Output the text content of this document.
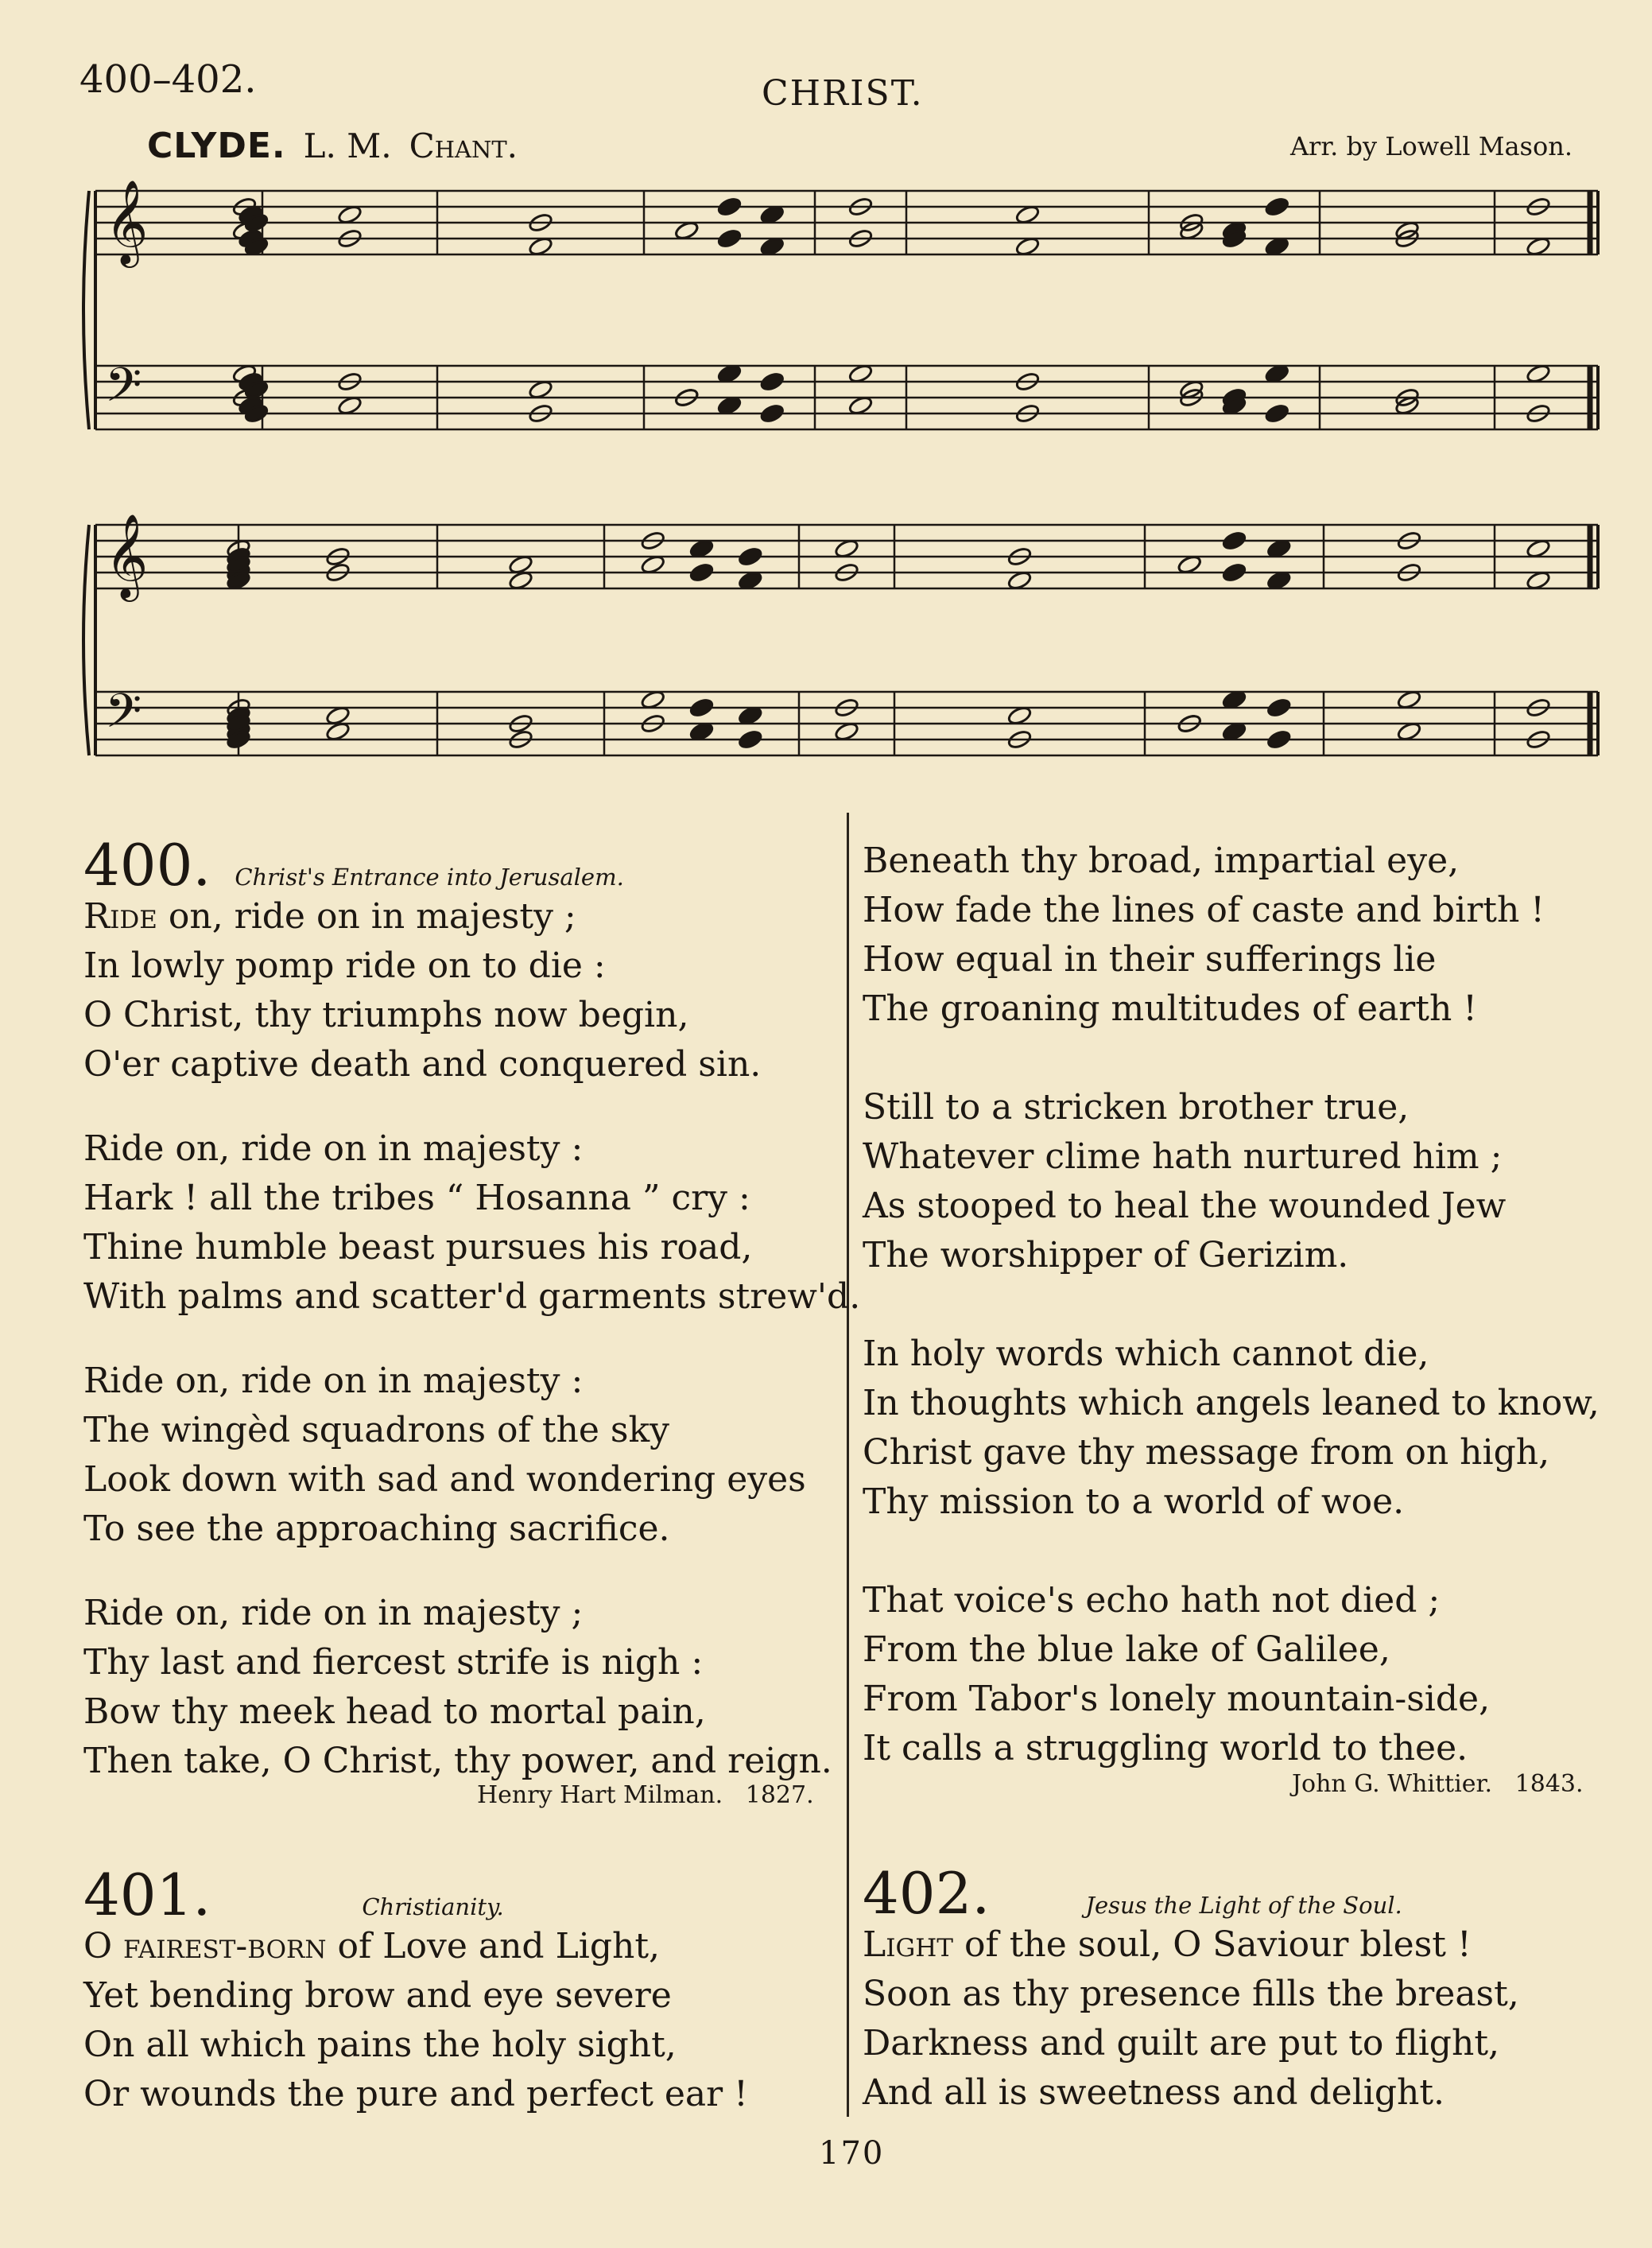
400–402.	CHRIST.
CLYDE. L. M. Chant.	Arr. by Lowell Mason.
𝄞
𝄢
𝄞
𝄢
400. Christ's Entrance into Jerusalem.
Ride on, ride on in majesty ;
In lowly pomp ride on to die :
O Christ, thy triumphs now begin,
O'er captive death and conquered sin.
Ride on, ride on in majesty :
Hark ! all the tribes “ Hosanna ” cry :
Thine humble beast pursues his road,
With palms and scatter'd garments strew'd.
Ride on, ride on in majesty :
The wingèd squadrons of the sky
Look down with sad and wondering eyes
To see the approaching sacrifice.
Ride on, ride on in majesty ;
Thy last and fiercest strife is nigh :
Bow thy meek head to mortal pain,
Then take, O Christ, thy power, and reign.
Henry Hart Milman. 1827.
401.	Christianity.
O fairest-born of Love and Light,
Yet bending brow and eye severe
On all which pains the holy sight,
Or wounds the pure and perfect ear !
Beneath thy broad, impartial eye,
How fade the lines of caste and birth !
How equal in their sufferings lie
The groaning multitudes of earth !
Still to a stricken brother true,
Whatever clime hath nurtured him ;
As stooped to heal the wounded Jew
The worshipper of Gerizim.
In holy words which cannot die,
In thoughts which angels leaned to know,
Christ gave thy message from on high,
Thy mission to a world of woe.
That voice's echo hath not died ;
From the blue lake of Galilee,
From Tabor's lonely mountain-side,
It calls a struggling world to thee.
John G. Whittier. 1843.
402.	Jesus the Light of the Soul.
Light of the soul, O Saviour blest !
Soon as thy presence fills the breast,
Darkness and guilt are put to flight,
And all is sweetness and delight.
170
